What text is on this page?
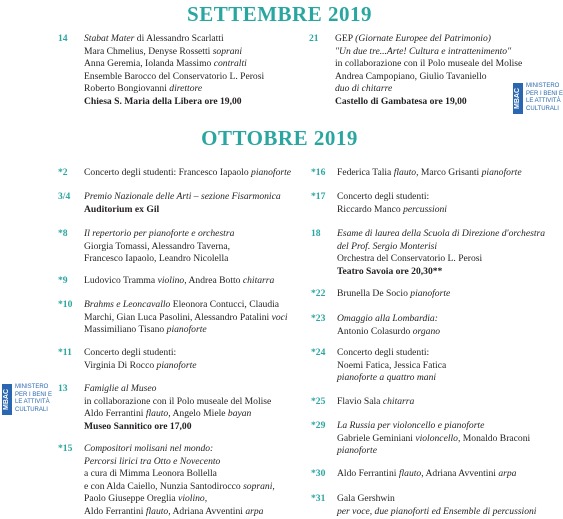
SETTEMBRE 2019
OTTOBRE 2019
14 Stabat Mater di Alessandro Scarlatti
Mara Chmelius, Denyse Rossetti soprani
Anna Geremia, Iolanda Massimo contralti
Ensemble Barocco del Conservatorio L. Perosi
Roberto Bongiovanni direttore
Chiesa S. Maria della Libera ore 19,00
21 GEP (Giornate Europee del Patrimonio)
"Un due tre...Arte! Cultura e intrattenimento"
in collaborazione con il Polo museale del Molise
Andrea Campopiano, Giulio Tavaniello
duo di chitarre
Castello di Gambatesa ore 19,00
*2 Concerto degli studenti: Francesco Iapaolo pianoforte
3/4 Premio Nazionale delle Arti – sezione Fisarmonica
Auditorium ex Gil
*8 Il repertorio per pianoforte e orchestra
Giorgia Tomassi, Alessandro Taverna,
Francesco Iapaolo, Leandro Nicolella
*9 Ludovico Tramma violino, Andrea Botto chitarra
*10 Brahms e Leoncavallo Eleonora Contucci, Claudia
Marchi, Gian Luca Pasolini, Alessandro Patalini voci
Massimiliano Tisano pianoforte
*11 Concerto degli studenti:
Virginia Di Rocco pianoforte
13 Famiglie al Museo
in collaborazione con il Polo museale del Molise
Aldo Ferrantini flauto, Angelo Miele bayan
Museo Sannitico ore 17,00
*15 Compositori molisani nel mondo:
Percorsi lirici tra Otto e Novecento
a cura di Mimma Leonora Bollella
e con Alda Caiello, Nunzia Santodirocco soprani,
Paolo Giuseppe Oreglia violino,
Aldo Ferrantini flauto, Adriana Avventini arpa
*16 Federica Talia flauto, Marco Grisanti pianoforte
*17 Concerto degli studenti:
Riccardo Manco percussioni
18 Esame di laurea della Scuola di Direzione d'orchestra
del Prof. Sergio Monterisi
Orchestra del Conservatorio L. Perosi
Teatro Savoia ore 20,30**
*22 Brunella De Socio pianoforte
*23 Omaggio alla Lombardia:
Antonio Colasurdo organo
*24 Concerto degli studenti:
Noemi Fatica, Jessica Fatica
pianoforte a quattro mani
*25 Flavio Sala chitarra
*29 La Russia per violoncello e pianoforte
Gabriele Geminiani violoncello, Monaldo Braconi
pianoforte
*30 Aldo Ferrantini flauto, Adriana Avventini arpa
*31 Gala Gershwin
per voce, due pianoforti ed Ensemble di percussioni
MBAC
MINISTERO
PER I BENI E
LE ATTIVITÀ
CULTURALI
MBAC
MINISTERO
PER I BENI E
LE ATTIVITÀ
CULTURALI
